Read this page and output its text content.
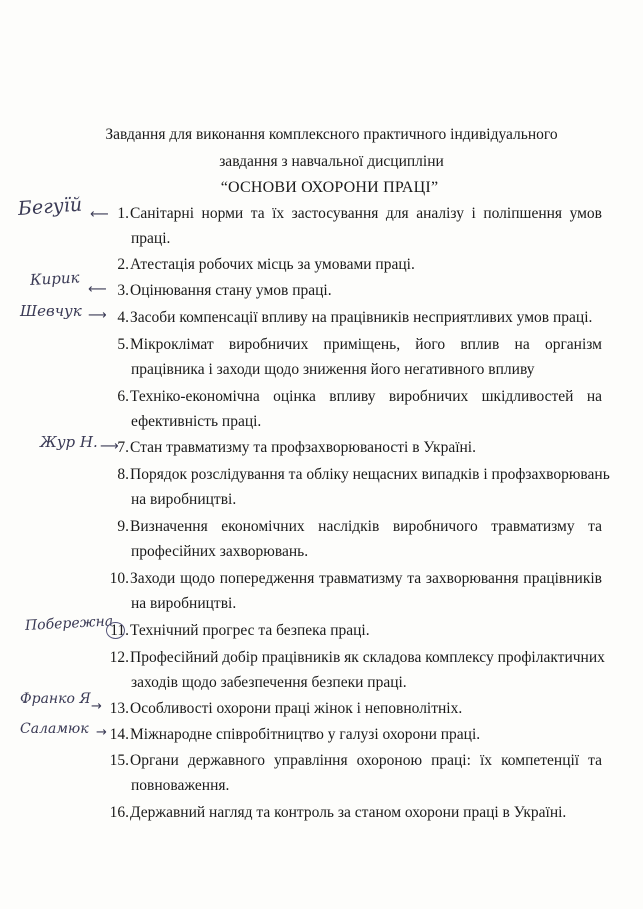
Завдання для виконання комплексного практичного індивідуального
завдання з навчальної дисципліни
“ОСНОВИ ОХОРОНИ ПРАЦІ”
1. Санітарні норми та їх застосування для аналізу і поліпшення умов
праці.
2. Атестація робочих місць за умовами праці.
3. Оцінювання стану умов праці.
4. Засоби компенсації впливу на працівників несприятливих умов праці.
5. Мікроклімат виробничих приміщень, його вплив на організм
працівника і заходи щодо зниження його негативного впливу
6. Техніко-економічна оцінка впливу виробничих шкідливостей на
ефективність праці.
7. Стан травматизму та профзахворюваності в Україні.
8. Порядок розслідування та обліку нещасних випадків і профзахворювань
на виробництві.
9. Визначення економічних наслідків виробничого травматизму та
професійних захворювань.
10. Заходи щодо попередження травматизму та захворювання працівників
на виробництві.
11. Технічний прогрес та безпека праці.
12. Професійний добір працівників як складова комплексу профілактичних
заходів щодо забезпечення безпеки праці.
13. Особливості охорони праці жінок і неповнолітніх.
14. Міжнародне співробітництво у галузі охорони праці.
15. Органи державного управління охороною праці: їх компетенції та
повноваження.
16. Державний нагляд та контроль за станом охорони праці в Україні.
Бегуїй ⟵
Кирик
⟵
Шевчук ⟶
Жур Н. ⟶
Побережна
Франко Я →
Саламюк →
